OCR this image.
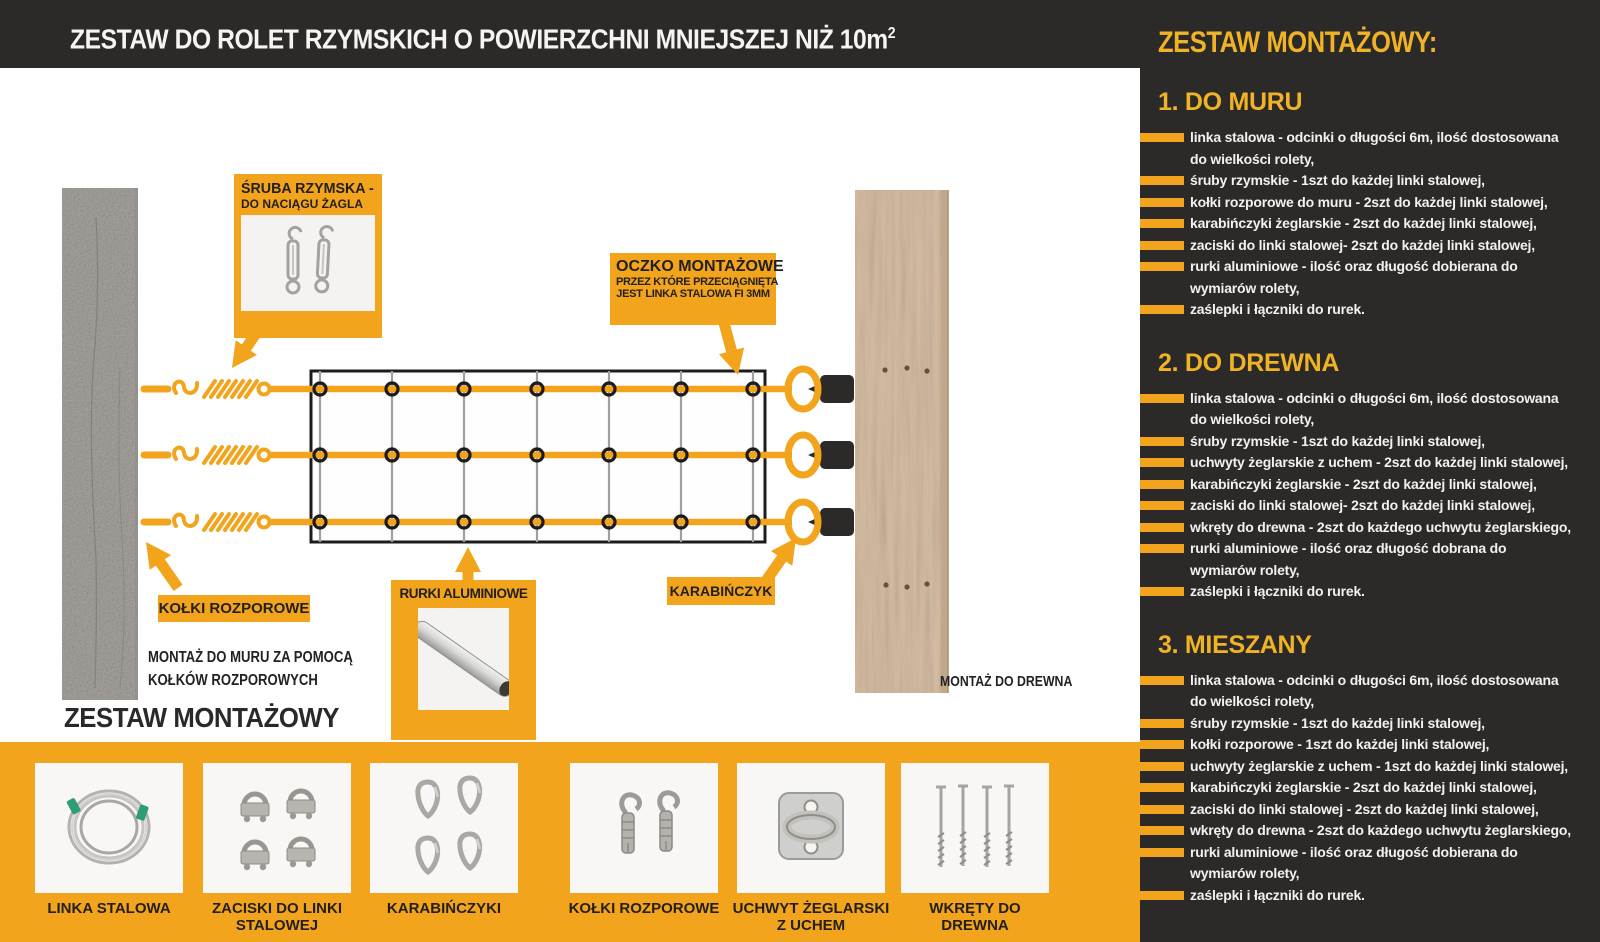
ZESTAW DO ROLET RZYMSKICH O POWIERZCHNI MNIEJSZEJ NIŻ $10m^2$
ŚRUBA RZYMSKA -
DO NACIĄGU ŻAGLA
OCZKO MONTAŻOWE
PRZEZ KTÓRE PRZECIĄGNIĘTA
JEST LINKA STALOWA FI 3MM
KOŁKI ROZPOROWE
KARABIŃCZYK
RURKI ALUMINIOWE
MONTAŻ DO MURU ZA POMOCĄ
KOŁKÓW ROZPOROWYCH	MONTAŻ DO DREWNA
ZESTAW MONTAŻOWY
LINKA STALOWA	ZACISKI DO LINKI STALOWEJ
KARABIŃCZYKI	KOŁKI ROZPOROWE UCHWYT ŻEGLARSKI Z UCHEM
WKRĘTY DO DREWNA
ZESTAW MONTAŻOWY:
1. DO MURU
linka stalowa - odcinki o długości 6m, ilość dostosowana do wielkości rolety,
śruby rzymskie - 1szt do każdej linki stalowej,
kołki rozporowe do muru - 2szt do każdej linki stalowej,
karabińczyki żeglarskie - 2szt do każdej linki stalowej,
zaciski do linki stalowej- 2szt do każdej linki stalowej,
rurki aluminiowe - ilość oraz długość dobierana do wymiarów rolety,
zaślepki i łączniki do rurek.
2. DO DREWNA
linka stalowa - odcinki o długości 6m, ilość dostosowana do wielkości rolety,
śruby rzymskie - 1szt do każdej linki stalowej,
uchwyty żeglarskie z uchem - 2szt do każdej linki stalowej,
karabińczyki żeglarskie - 2szt do każdej linki stalowej,
zaciski do linki stalowej- 2szt do każdej linki stalowej,
wkręty do drewna - 2szt do każdego uchwytu żeglarskiego,
rurki aluminiowe - ilość oraz długość dobrana do wymiarów rolety,
zaślepki i łączniki do rurek.
3. MIESZANY
linka stalowa - odcinki o długości 6m, ilość dostosowana do wielkości rolety,
śruby rzymskie - 1szt do każdej linki stalowej,
kołki rozporowe - 1szt do każdej linki stalowej,
uchwyty żeglarskie z uchem - 1szt do każdej linki stalowej,
karabińczyki żeglarskie - 2szt do każdej linki stalowej,
zaciski do linki stalowej - 2szt do każdej linki stalowej,
wkręty do drewna - 2szt do każdego uchwytu żeglarskiego,
rurki aluminiowe - ilość oraz długość dobierana do wymiarów rolety,
zaślepki i łączniki do rurek.
